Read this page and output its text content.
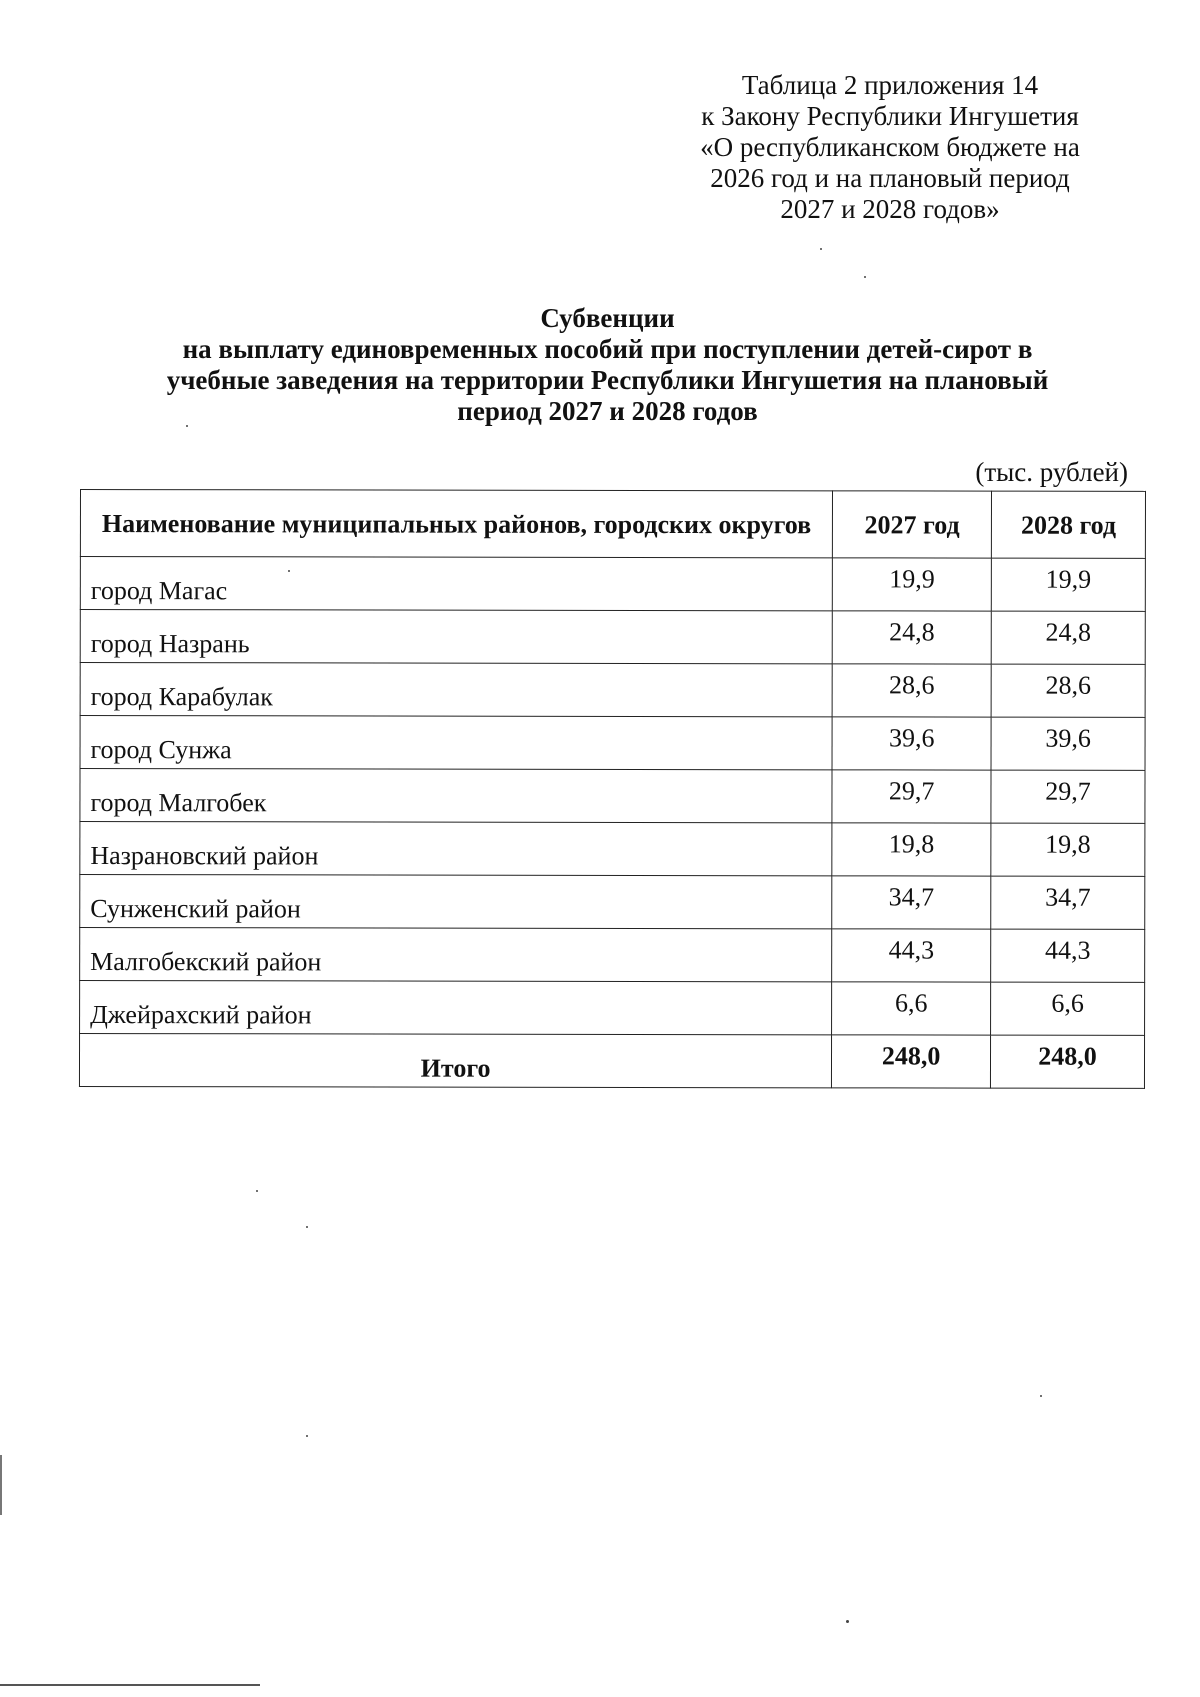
Таблица 2 приложения 14
к Закону Республики Ингушетия
«О республиканском бюджете на
2026 год и на плановый период
2027 и 2028 годов»
Субвенции
на выплату единовременных пособий при поступлении детей-сирот в
учебные заведения на территории Республики Ингушетия на плановый
период 2027 и 2028 годов
(тыс. рублей)
Наименование муниципальных районов, городских округов	2027 год	2028 год
город Магас	19,9	19,9
город Назрань	24,8	24,8
город Карабулак	28,6	28,6
город Сунжа	39,6	39,6
город Малгобек	29,7	29,7
Назрановский район	19,8	19,8
Сунженский район	34,7	34,7
Малгобекский район	44,3	44,3
Джейрахский район	6,6	6,6
Итого	248,0	248,0
